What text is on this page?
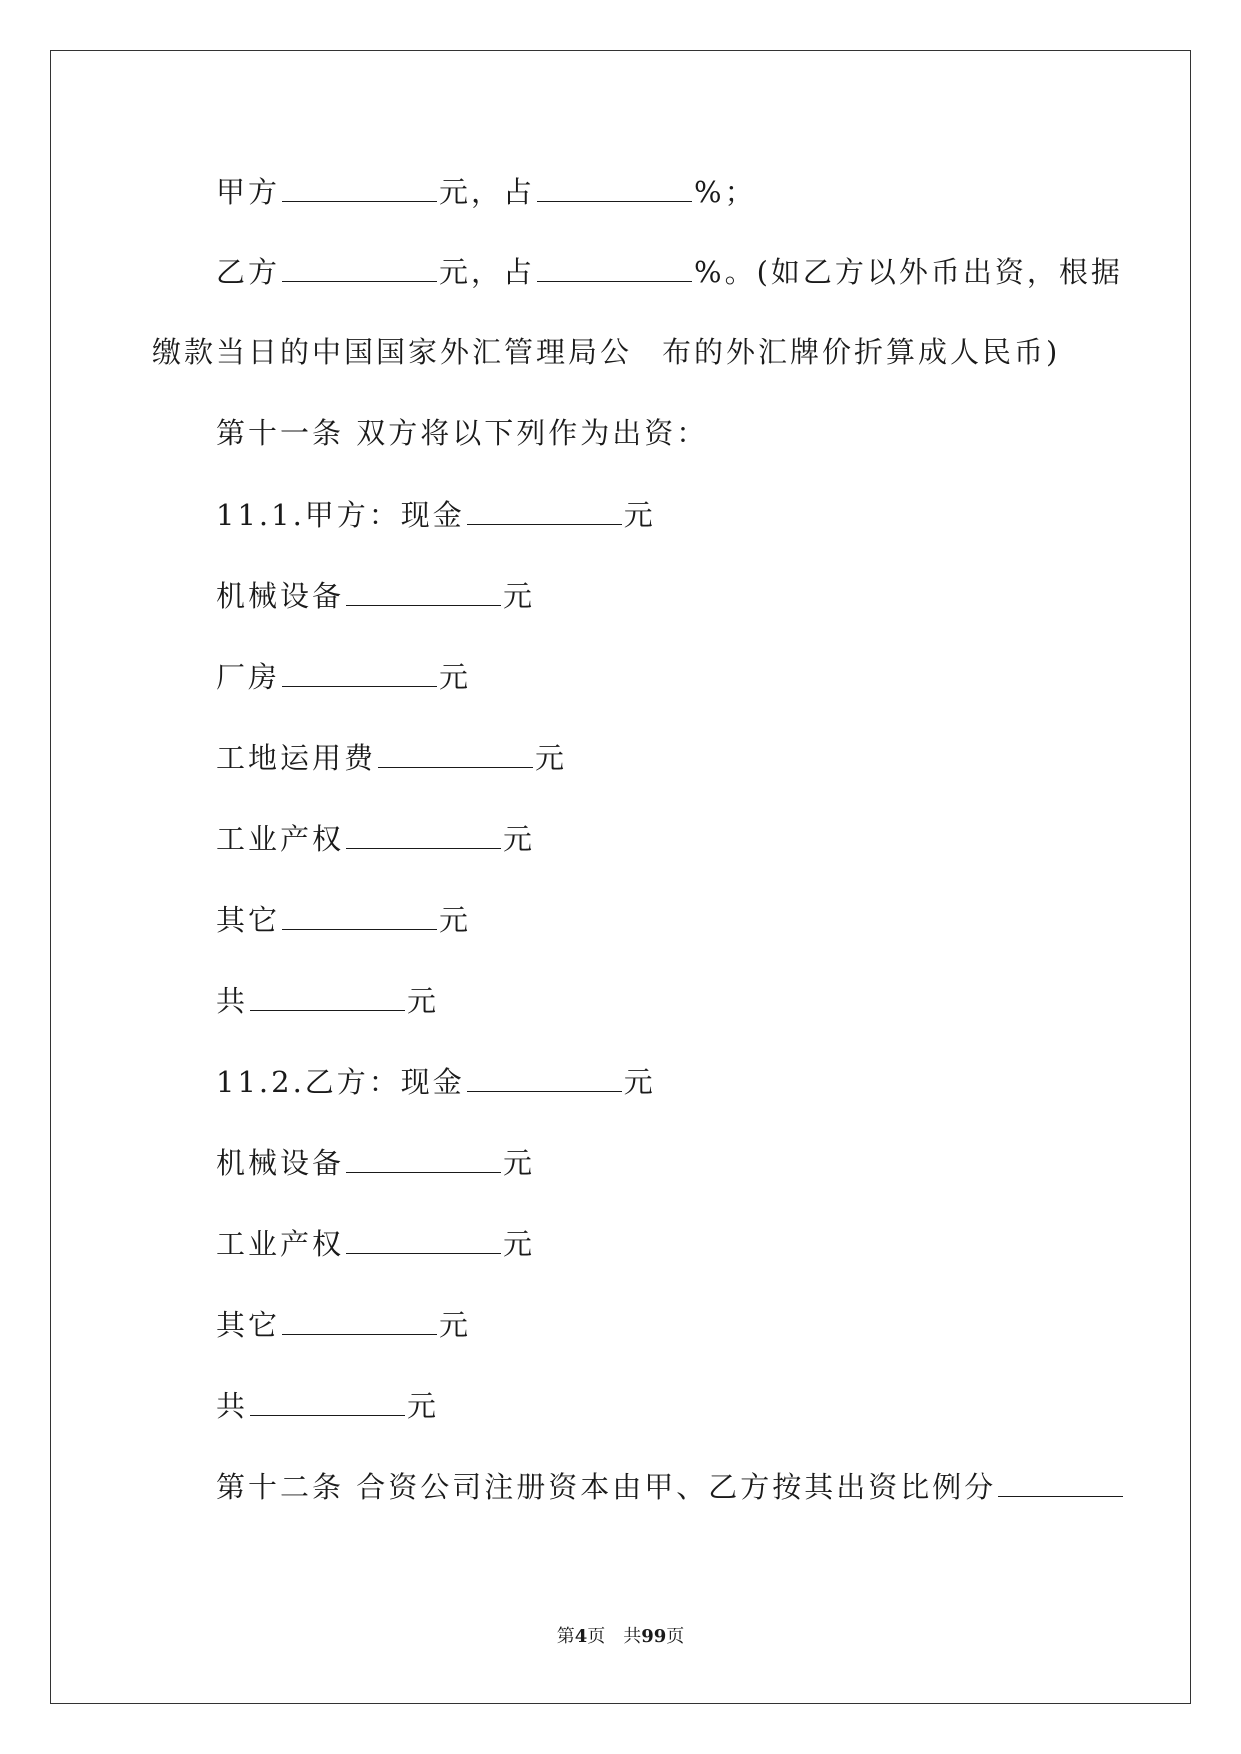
甲方	元，占	%；
乙方	元，占	%。(如乙方以外币出资，根据
缴款当日的中国国家外汇管理局公 布的外汇牌价折算成人民币)
第十一条 双方将以下列作为出资：
11.1.甲方：现金	元
机械设备	元
厂房	元
工地运用费	元
工业产权	元
其它	元
共	元
11.2.乙方：现金	元
机械设备	元
工业产权	元
其它	元
共	元
第十二条 合资公司注册资本由甲、乙方按其出资比例分
第4页 共99页
